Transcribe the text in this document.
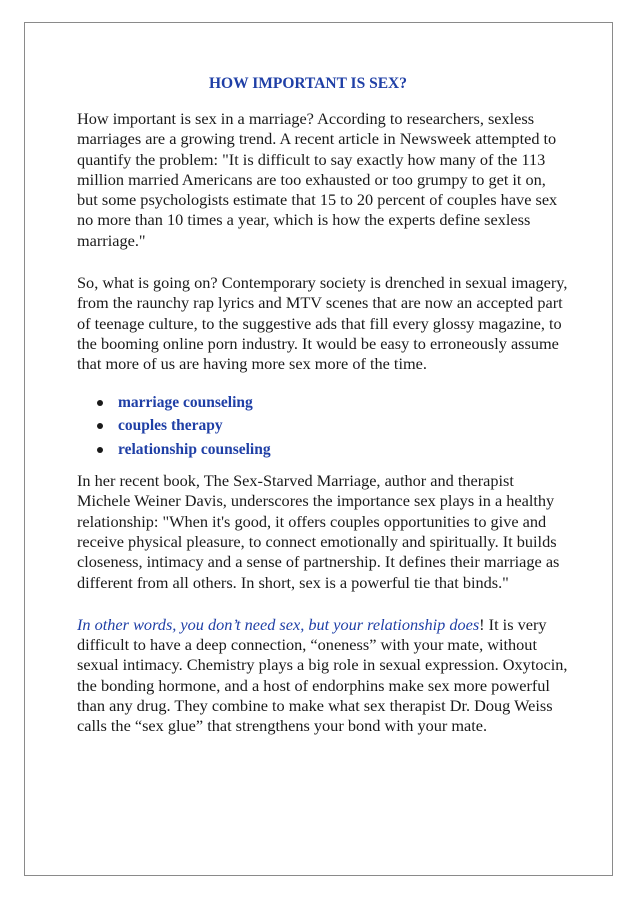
HOW IMPORTANT IS SEX?

How important is sex in a marriage? According to researchers, sexless marriages are a growing trend. A recent article in Newsweek attempted to quantify the problem: "It is difficult to say exactly how many of the 113 million married Americans are too exhausted or too grumpy to get it on, but some psychologists estimate that 15 to 20 percent of couples have sex no more than 10 times a year, which is how the experts define sexless marriage."

So, what is going on? Contemporary society is drenched in sexual imagery, from the raunchy rap lyrics and MTV scenes that are now an accepted part of teenage culture, to the suggestive ads that fill every glossy magazine, to the booming online porn industry. It would be easy to erroneously assume that more of us are having more sex more of the time.

marriage counseling
couples therapy
relationship counseling

In her recent book, The Sex-Starved Marriage, author and therapist Michele Weiner Davis, underscores the importance sex plays in a healthy relationship: "When it's good, it offers couples opportunities to give and receive physical pleasure, to connect emotionally and spiritually. It builds closeness, intimacy and a sense of partnership. It defines their marriage as different from all others. In short, sex is a powerful tie that binds."

In other words, you don’t need sex, but your relationship does! It is very difficult to have a deep connection, “oneness” with your mate, without sexual intimacy. Chemistry plays a big role in sexual expression. Oxytocin, the bonding hormone, and a host of endorphins make sex more powerful than any drug. They combine to make what sex therapist Dr. Doug Weiss calls the “sex glue” that strengthens your bond with your mate.
